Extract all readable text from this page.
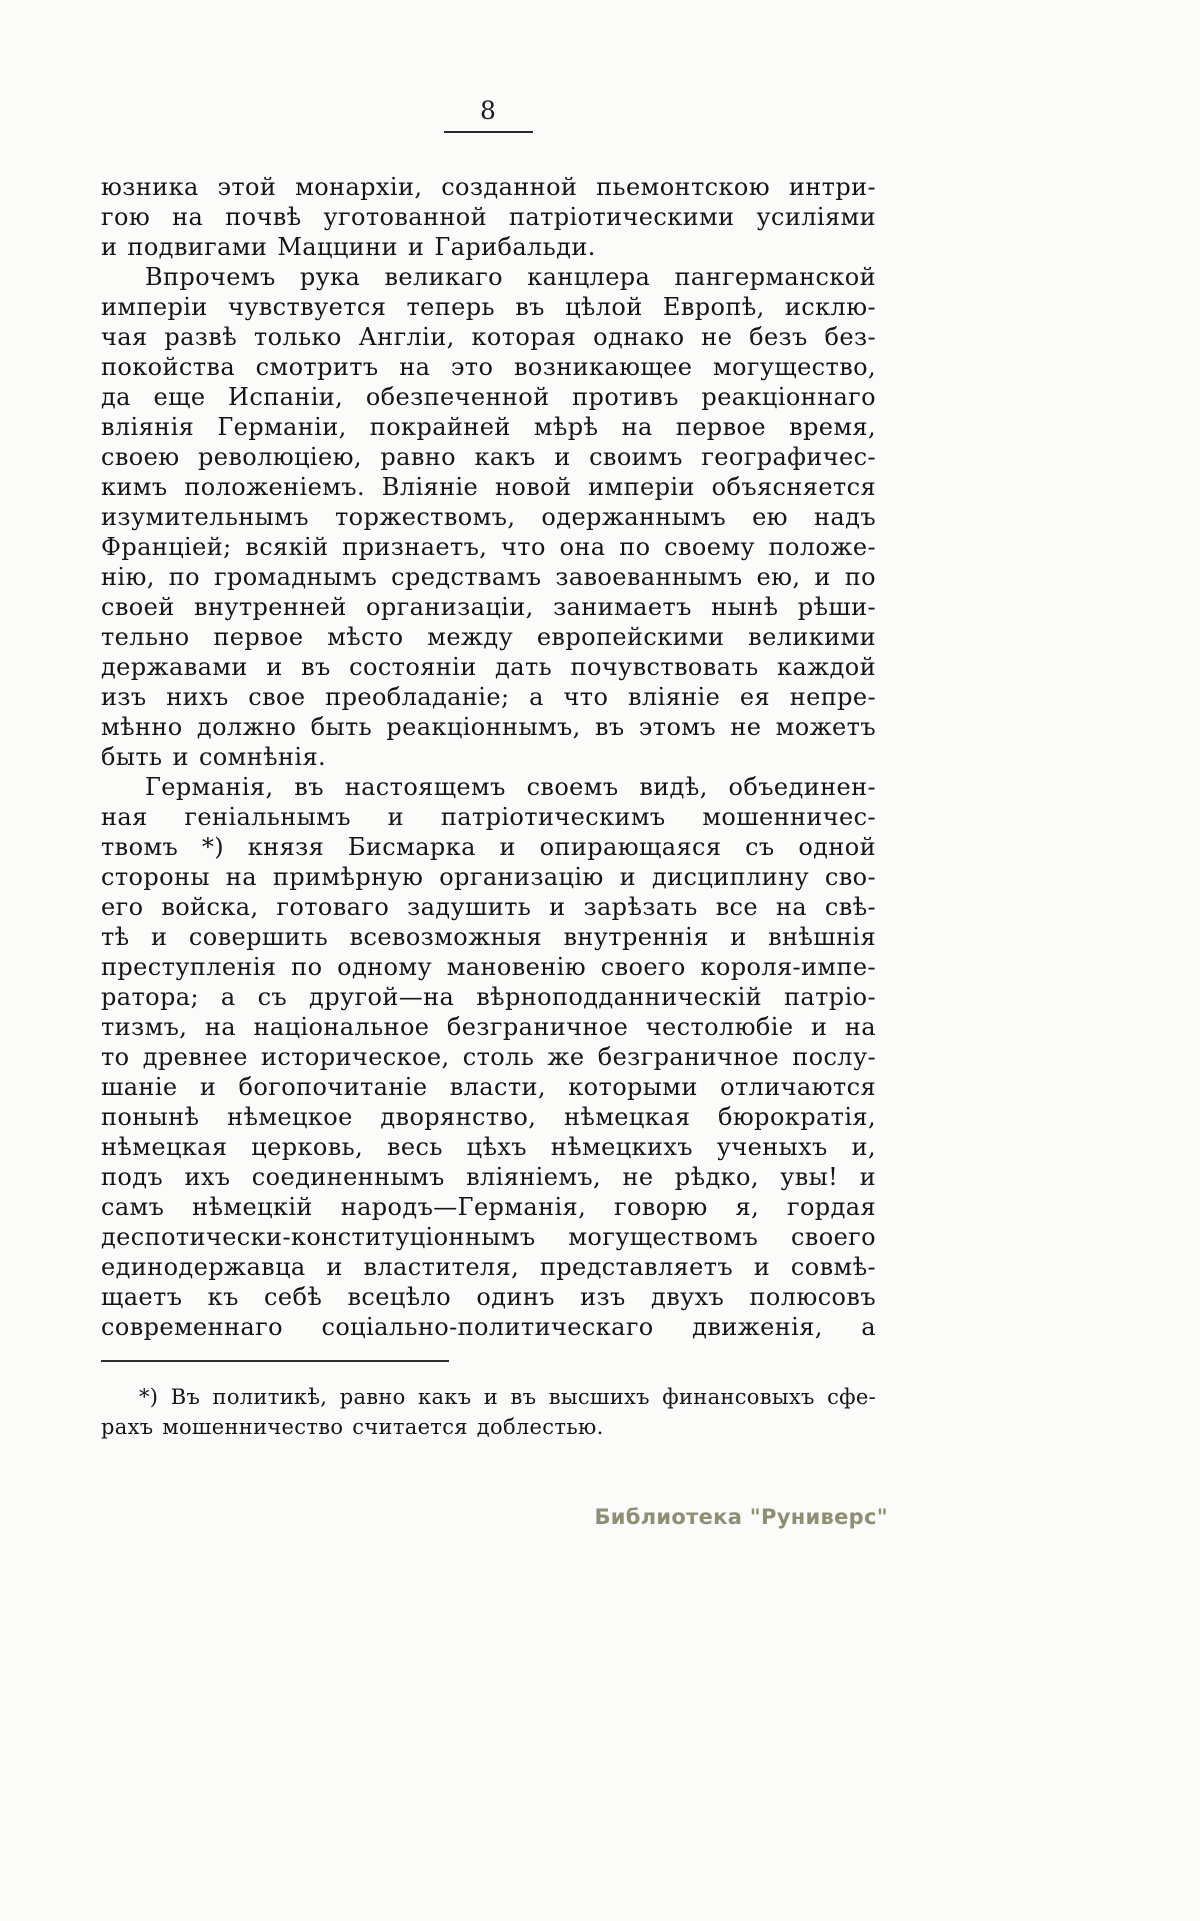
8
юзника этой монархіи, созданной пьемонтскою интри-
гою на почвѣ уготованной патріотическими усиліями
и подвигами Маццини и Гарибальди.
Впрочемъ рука великаго канцлера пангерманской
имперіи чувствуется теперь въ цѣлой Европѣ, исклю-
чая развѣ только Англіи, которая однако не безъ без-
покойства смотритъ на это возникающее могущество,
да еще Испаніи, обезпеченной противъ реакціоннаго
вліянія Германіи, покрайней мѣрѣ на первое время,
своею революціею, равно какъ и своимъ географичес-
кимъ положеніемъ. Вліяніе новой имперіи объясняется
изумительнымъ торжествомъ, одержаннымъ ею надъ
Франціей; всякій признаетъ, что она по своему положе-
нію, по громаднымъ средствамъ завоеваннымъ ею, и по
своей внутренней организаціи, занимаетъ нынѣ рѣши-
тельно первое мѣсто между европейскими великими
державами и въ состояніи дать почувствовать каждой
изъ нихъ свое преобладаніе; а что вліяніе ея непре-
мѣнно должно быть реакціоннымъ, въ этомъ не можетъ
быть и сомнѣнія.
Германія, въ настоящемъ своемъ видѣ, объединен-
ная геніальнымъ и патріотическимъ мошенничес-
твомъ *) князя Бисмарка и опирающаяся съ одной
стороны на примѣрную организацію и дисциплину сво-
его войска, готоваго задушить и зарѣзать все на свѣ-
тѣ и совершить всевозможныя внутреннія и внѣшнія
преступленія по одному мановенію своего короля-импе-
ратора; а съ другой—на вѣрноподданническій патріо-
тизмъ, на національное безграничное честолюбіе и на
то древнее историческое, столь же безграничное послу-
шаніе и богопочитаніе власти, которыми отличаются
понынѣ нѣмецкое дворянство, нѣмецкая бюрократія,
нѣмецкая церковь, весь цѣхъ нѣмецкихъ ученыхъ и,
подъ ихъ соединеннымъ вліяніемъ, не рѣдко, увы! и
самъ нѣмецкій народъ—Германія, говорю я, гордая
деспотически-конституціоннымъ могуществомъ своего
единодержавца и властителя, представляетъ и совмѣ-
щаетъ къ себѣ всецѣло одинъ изъ двухъ полюсовъ
современнаго соціально-политическаго движенія, а
*) Въ политикѣ, равно какъ и въ высшихъ финансовыхъ сфе-
рахъ мошенничество считается доблестью.
Библиотека "Руниверс"
